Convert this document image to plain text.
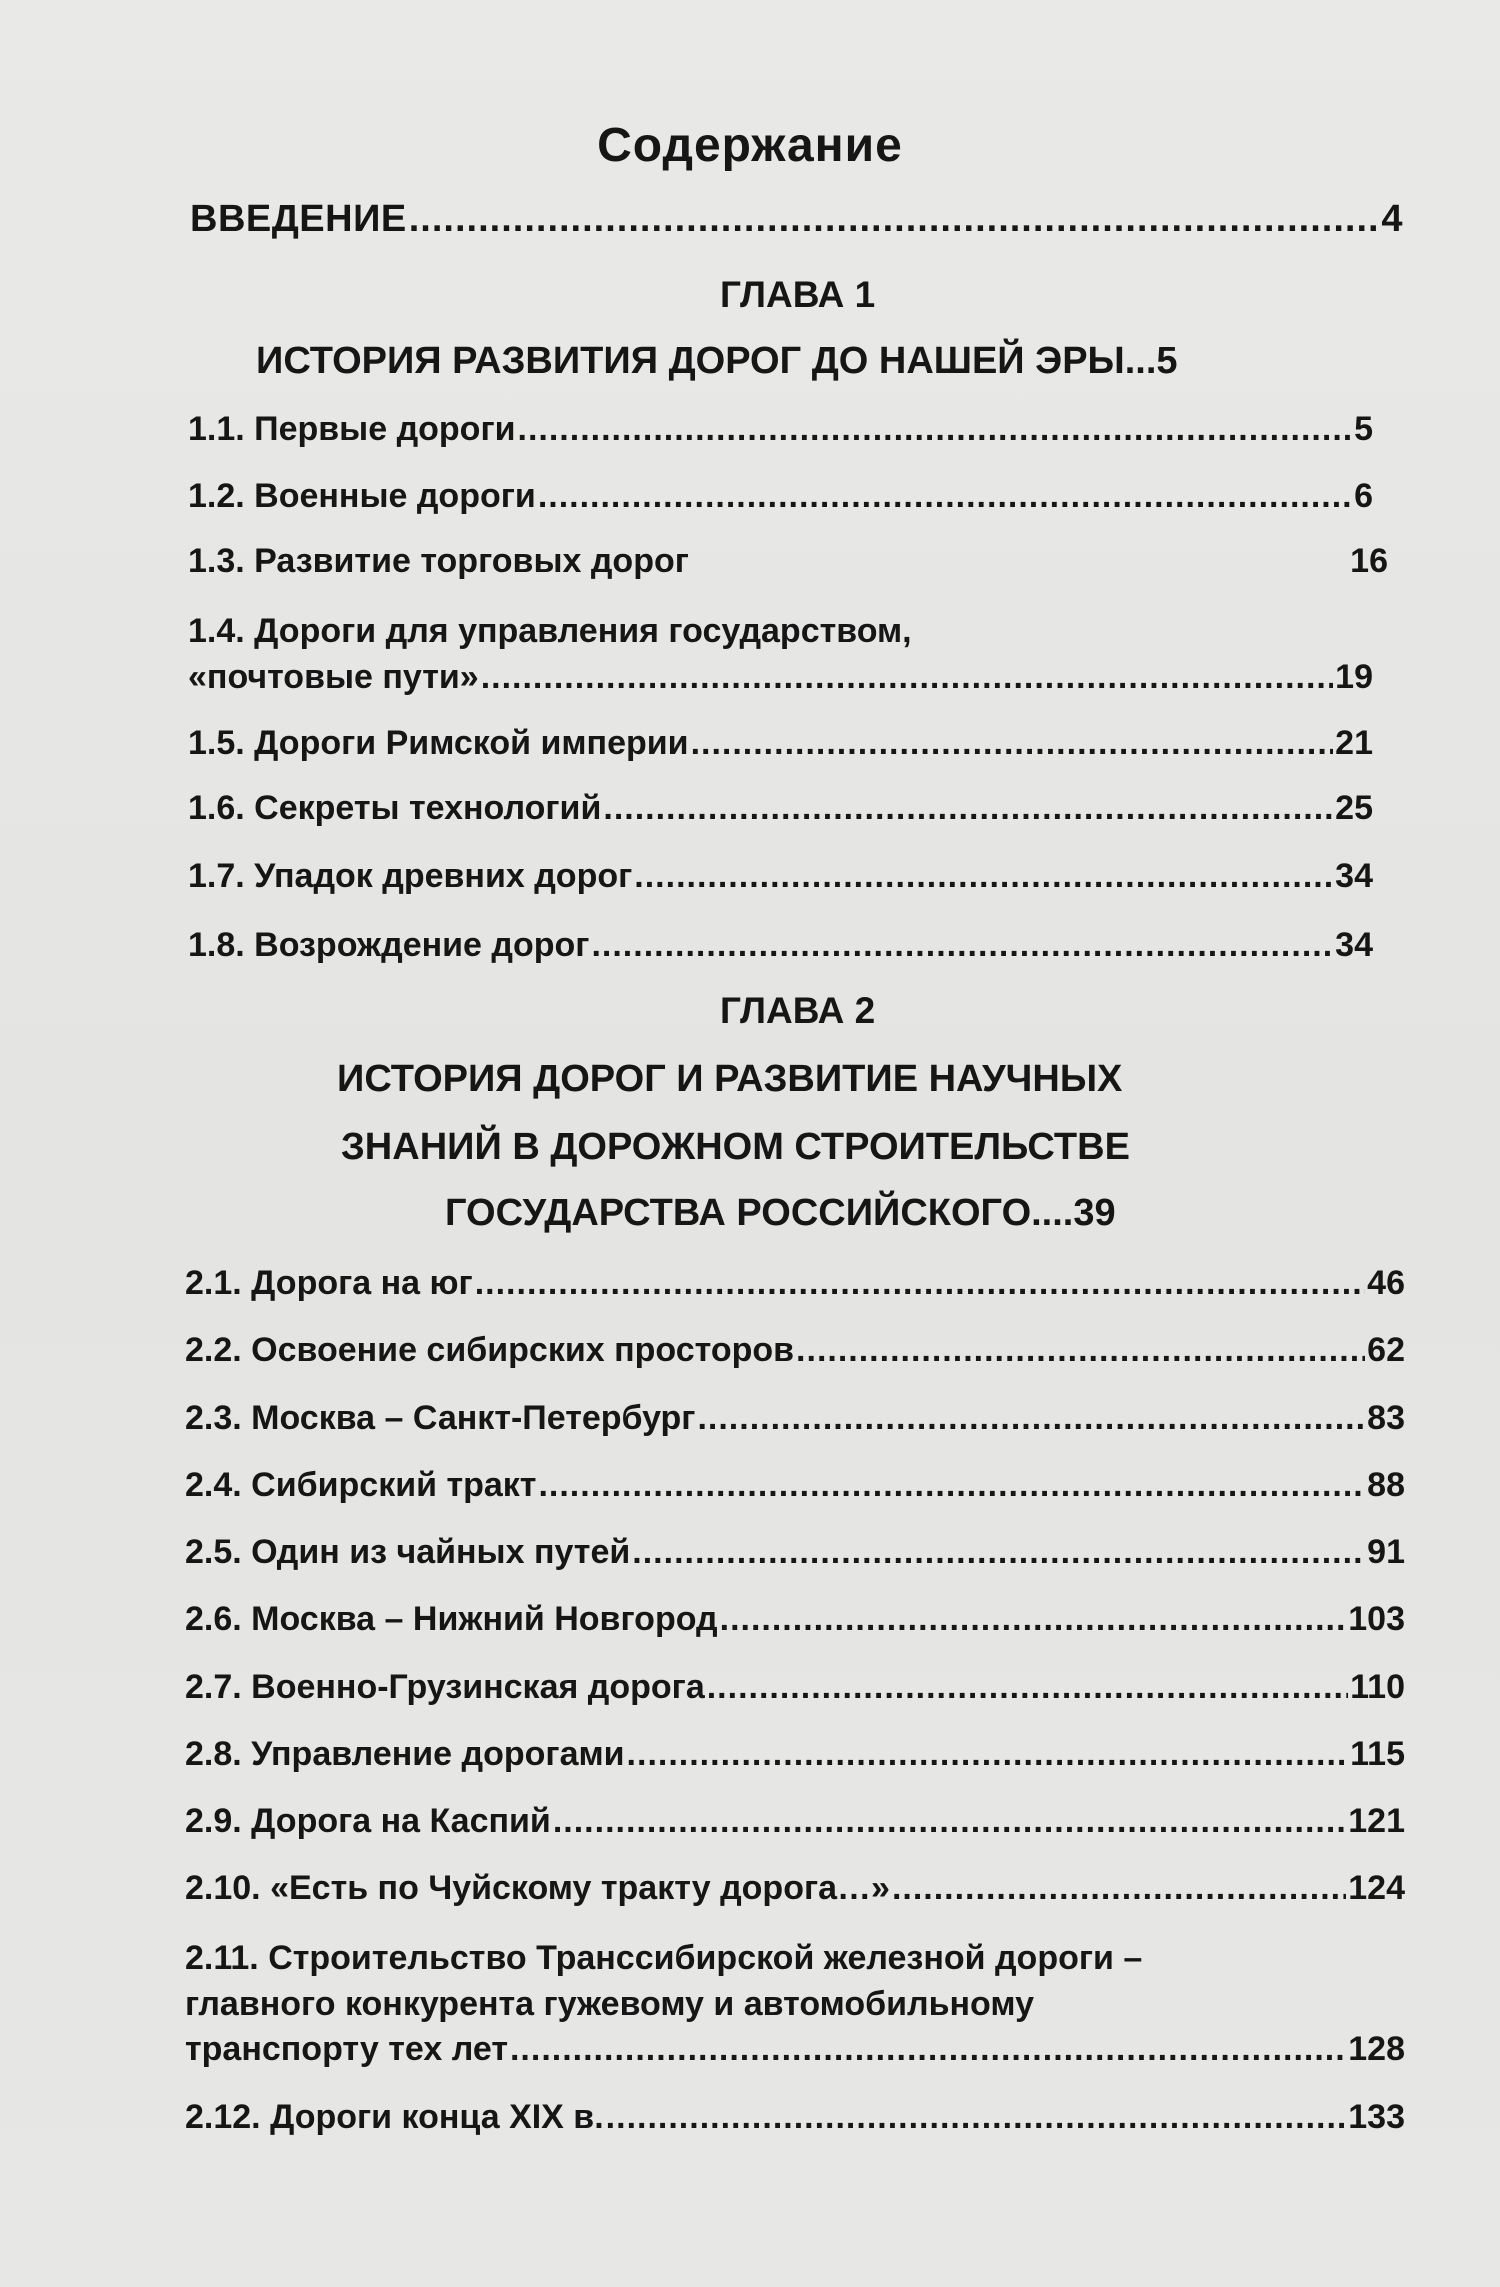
Содержание
ВВЕДЕНИЕ .....	4
ГЛАВА 1
ИСТОРИЯ РАЗВИТИЯ ДОРОГ ДО НАШЕЙ ЭРЫ...5
1.1. Первые дороги .....	5
1.2. Военные дороги .....	6
1.3. Развитие торговых дорог	16
1.4. Дороги для управления государством,
«почтовые пути» .....	19
1.5. Дороги Римской империи .....	21
1.6. Секреты технологий .....	25
1.7. Упадок древних дорог .....	34
1.8. Возрождение дорог .....	34
ГЛАВА 2
ИСТОРИЯ ДОРОГ И РАЗВИТИЕ НАУЧНЫХ
ЗНАНИЙ В ДОРОЖНОМ СТРОИТЕЛЬСТВЕ
ГОСУДАРСТВА РОССИЙСКОГО....39
2.1. Дорога на юг .....	46
2.2. Освоение сибирских просторов .....	62
2.3. Москва – Санкт-Петербург .....	83
2.4. Сибирский тракт .....	88
2.5. Один из чайных путей .....	91
2.6. Москва – Нижний Новгород .....	103
2.7. Военно-Грузинская дорога .....	110
2.8. Управление дорогами .....	115
2.9. Дорога на Каспий .....	121
2.10. «Есть по Чуйскому тракту дорога…» .....	124
2.11. Строительство Транссибирской железной дороги –
главного конкурента гужевому и автомобильному
транспорту тех лет .....	128
2.12. Дороги конца XIX в. .....	133
